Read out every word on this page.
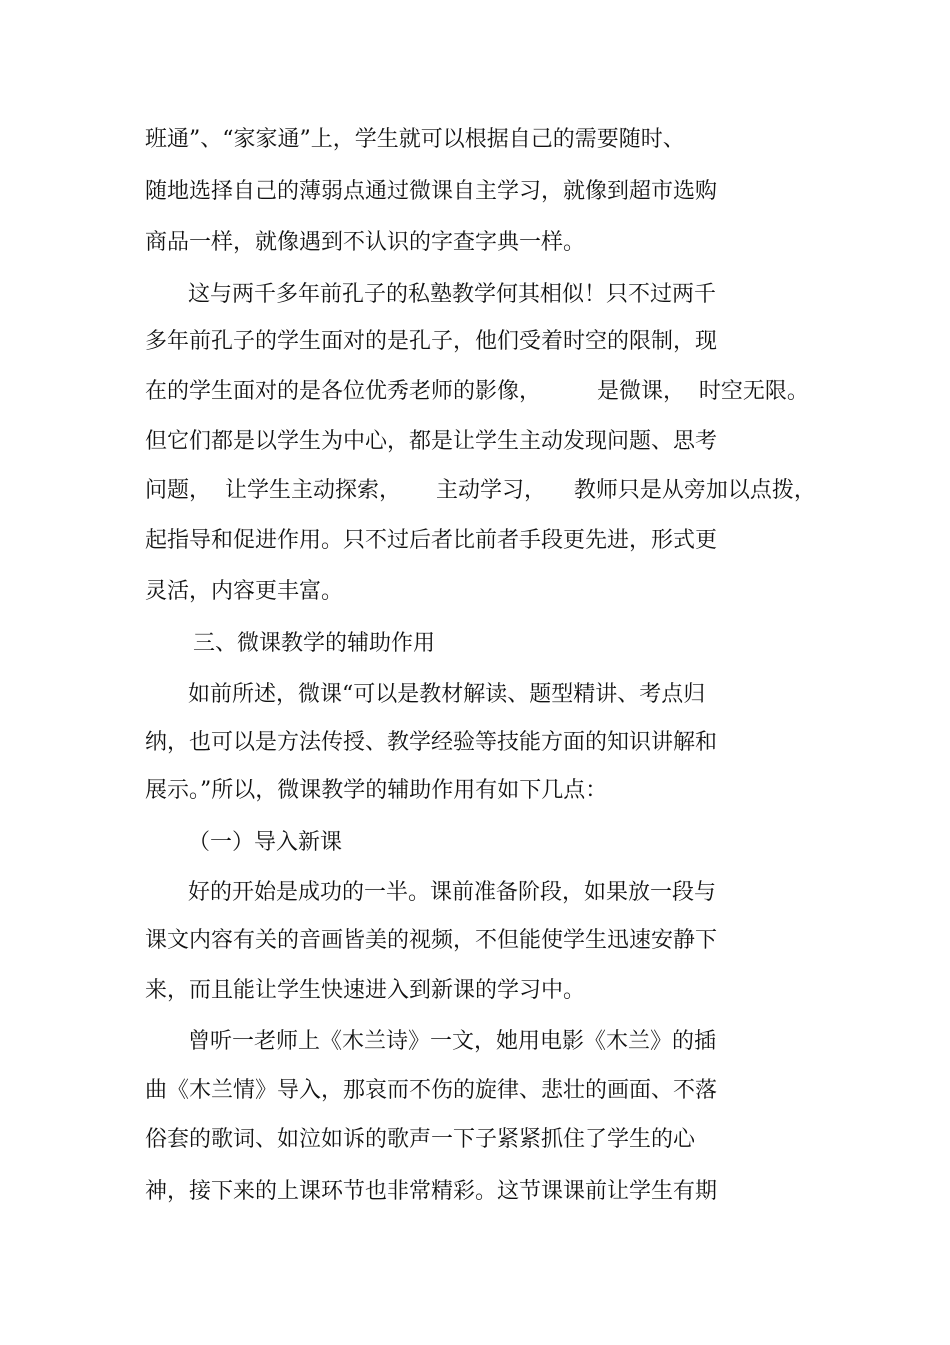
班通”、“家家通”上，学生就可以根据自己的需要随时、
随地选择自己的薄弱点通过微课自主学习，就像到超市选购
商品一样，就像遇到不认识的字查字典一样。
这与两千多年前孔子的私塾教学何其相似！只不过两千
多年前孔子的学生面对的是孔子，他们受着时空的限制，现
在的学生面对的是各位优秀老师的影像，        是微课，  时空无限。
但它们都是以学生为中心，都是让学生主动发现问题、思考
问题，  让学生主动探索，     主动学习，    教师只是从旁加以点拨，
起指导和促进作用。只不过后者比前者手段更先进，形式更
灵活，内容更丰富。
三、微课教学的辅助作用
如前所述，微课“可以是教材解读、题型精讲、考点归
纳，也可以是方法传授、教学经验等技能方面的知识讲解和
展示。”所以，微课教学的辅助作用有如下几点：
（一）导入新课
好的开始是成功的一半。课前准备阶段，如果放一段与
课文内容有关的音画皆美的视频，不但能使学生迅速安静下
来，而且能让学生快速进入到新课的学习中。
曾听一老师上《木兰诗》一文，她用电影《木兰》的插
曲《木兰情》导入，那哀而不伤的旋律、悲壮的画面、不落
俗套的歌词、如泣如诉的歌声一下子紧紧抓住了学生的心
神，接下来的上课环节也非常精彩。这节课课前让学生有期
